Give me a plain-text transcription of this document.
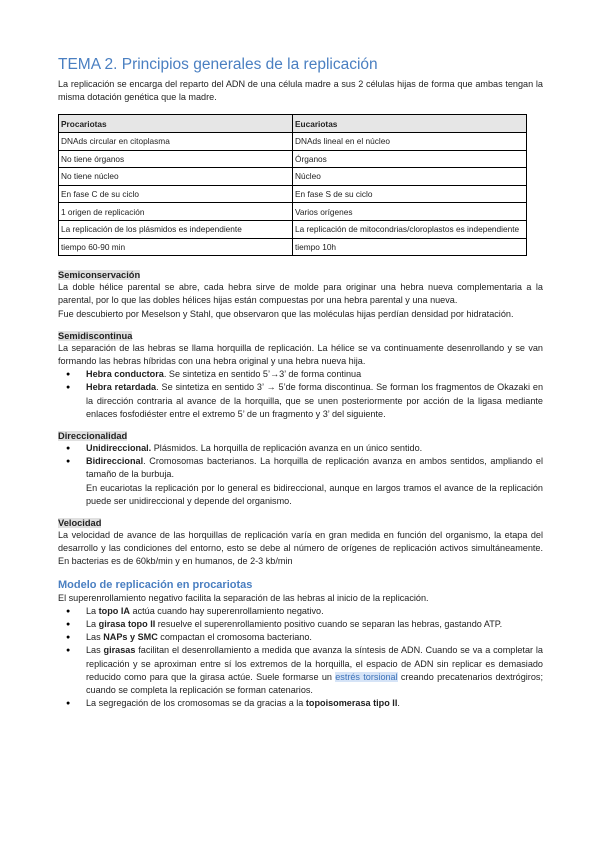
TEMA 2. Principios generales de la replicación

La replicación se encarga del reparto del ADN de una célula madre a sus 2 células hijas de forma que ambas tengan la misma dotación genética que la madre.

Procariotas	Eucariotas
DNAds circular en citoplasma	DNAds lineal en el núcleo
No tiene órganos	Órganos
No tiene núcleo	Núcleo
En fase C de su ciclo	En fase S de su ciclo
1 origen de replicación	Varios orígenes
La replicación de los plásmidos es independiente	La replicación de mitocondrias/cloroplastos es independiente
tiempo 60-90 min	tiempo 10h
Semiconservación

La doble hélice parental se abre, cada hebra sirve de molde para originar una hebra nueva complementaria a la parental, por lo que las dobles hélices hijas están compuestas por una hebra parental y una nueva.

Fue descubierto por Meselson y Stahl, que observaron que las moléculas hijas perdían densidad por hidratación.

Semidiscontinua

La separación de las hebras se llama horquilla de replicación. La hélice se va continuamente desenrollando y se van formando las hebras híbridas con una hebra original y una hebra nueva hija.

● Hebra conductora. Se sintetiza en sentido 5’→3’ de forma continua
● Hebra retardada. Se sintetiza en sentido 3’ → 5’de forma discontinua. Se forman los fragmentos de Okazaki en la dirección contraria al avance de la horquilla, que se unen posteriormente por acción de la ligasa mediante enlaces fosfodiéster entre el extremo 5’ de un fragmento y 3’ del siguiente.
Direccionalidad
● Unidireccional. Plásmidos. La horquilla de replicación avanza en un único sentido.
● Bidireccional. Cromosomas bacterianos. La horquilla de replicación avanza en ambos sentidos, ampliando el tamaño de la burbuja.

En eucariotas la replicación por lo general es bidireccional, aunque en largos tramos el avance de la replicación puede ser unidireccional y depende del organismo.

Velocidad

La velocidad de avance de las horquillas de replicación varía en gran medida en función del organismo, la etapa del desarrollo y las condiciones del entorno, esto se debe al número de orígenes de replicación activos simultáneamente. En bacterias es de 60kb/min y en humanos, de 2-3 kb/min

Modelo de replicación en procariotas

El superenrollamiento negativo facilita la separación de las hebras al inicio de la replicación.

● La topo IA actúa cuando hay superenrollamiento negativo.
● La girasa topo II resuelve el superenrollamiento positivo cuando se separan las hebras, gastando ATP.
● Las NAPs y SMC compactan el cromosoma bacteriano.
● Las girasas facilitan el desenrollamiento a medida que avanza la síntesis de ADN. Cuando se va a completar la replicación y se aproximan entre sí los extremos de la horquilla, el espacio de ADN sin replicar es demasiado reducido como para que la girasa actúe. Suele formarse un estrés torsional creando precatenarios dextrógiros; cuando se completa la replicación se forman catenarios.
● La segregación de los cromosomas se da gracias a la topoisomerasa tipo II.
